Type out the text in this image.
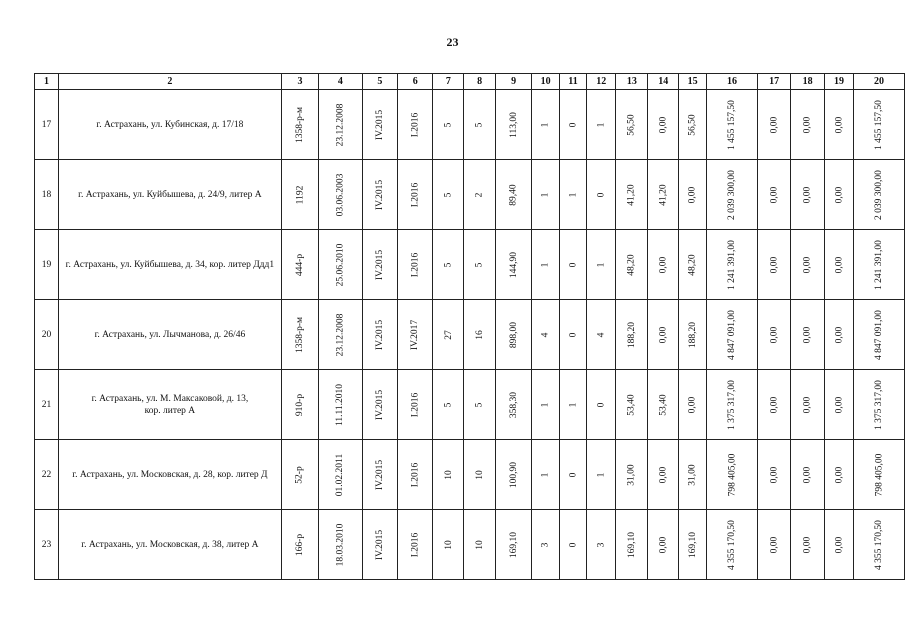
23
1	2	3	4	5	6	7	8	9	10	11	12	13	14	15	16	17	18	19	20
17	г. Астрахань, ул. Кубинская, д. 17/18	1358-р-м	23.12.2008	IV.2015	I.2016	5	5	113,00	1	0	1	56,50	0,00	56,50	1 455 157,50	0,00	0,00	0,00	1 455 157,50
18	г. Астрахань, ул. Куйбышева, д. 24/9, литер А	1192	03.06.2003	IV.2015	I.2016	5	2	89,40	1	1	0	41,20	41,20	0,00	2 039 300,00	0,00	0,00	0,00	2 039 300,00
19	г. Астрахань, ул. Куйбышева, д. 34, кор. литер Ддд1	444-р	25.06.2010	IV.2015	I.2016	5	5	144,90	1	0	1	48,20	0,00	48,20	1 241 391,00	0,00	0,00	0,00	1 241 391,00
20	г. Астрахань, ул. Лычманова, д. 26/46	1358-р-м	23.12.2008	IV.2015	IV.2017	27	16	898,00	4	0	4	188,20	0,00	188,20	4 847 091,00	0,00	0,00	0,00	4 847 091,00
21	г. Астрахань, ул. М. Максаковой, д. 13,
кор. литер А	910-р	11.11.2010	IV.2015	I.2016	5	5	358,30	1	1	0	53,40	53,40	0,00	1 375 317,00	0,00	0,00	0,00	1 375 317,00
22	г. Астрахань, ул. Московская, д. 28, кор. литер Д	52-р	01.02.2011	IV.2015	I.2016	10	10	100,90	1	0	1	31,00	0,00	31,00	798 405,00	0,00	0,00	0,00	798 405,00
23	г. Астрахань, ул. Московская, д. 38, литер А	166-р	18.03.2010	IV.2015	I.2016	10	10	169,10	3	0	3	169,10	0,00	169,10	4 355 170,50	0,00	0,00	0,00	4 355 170,50
